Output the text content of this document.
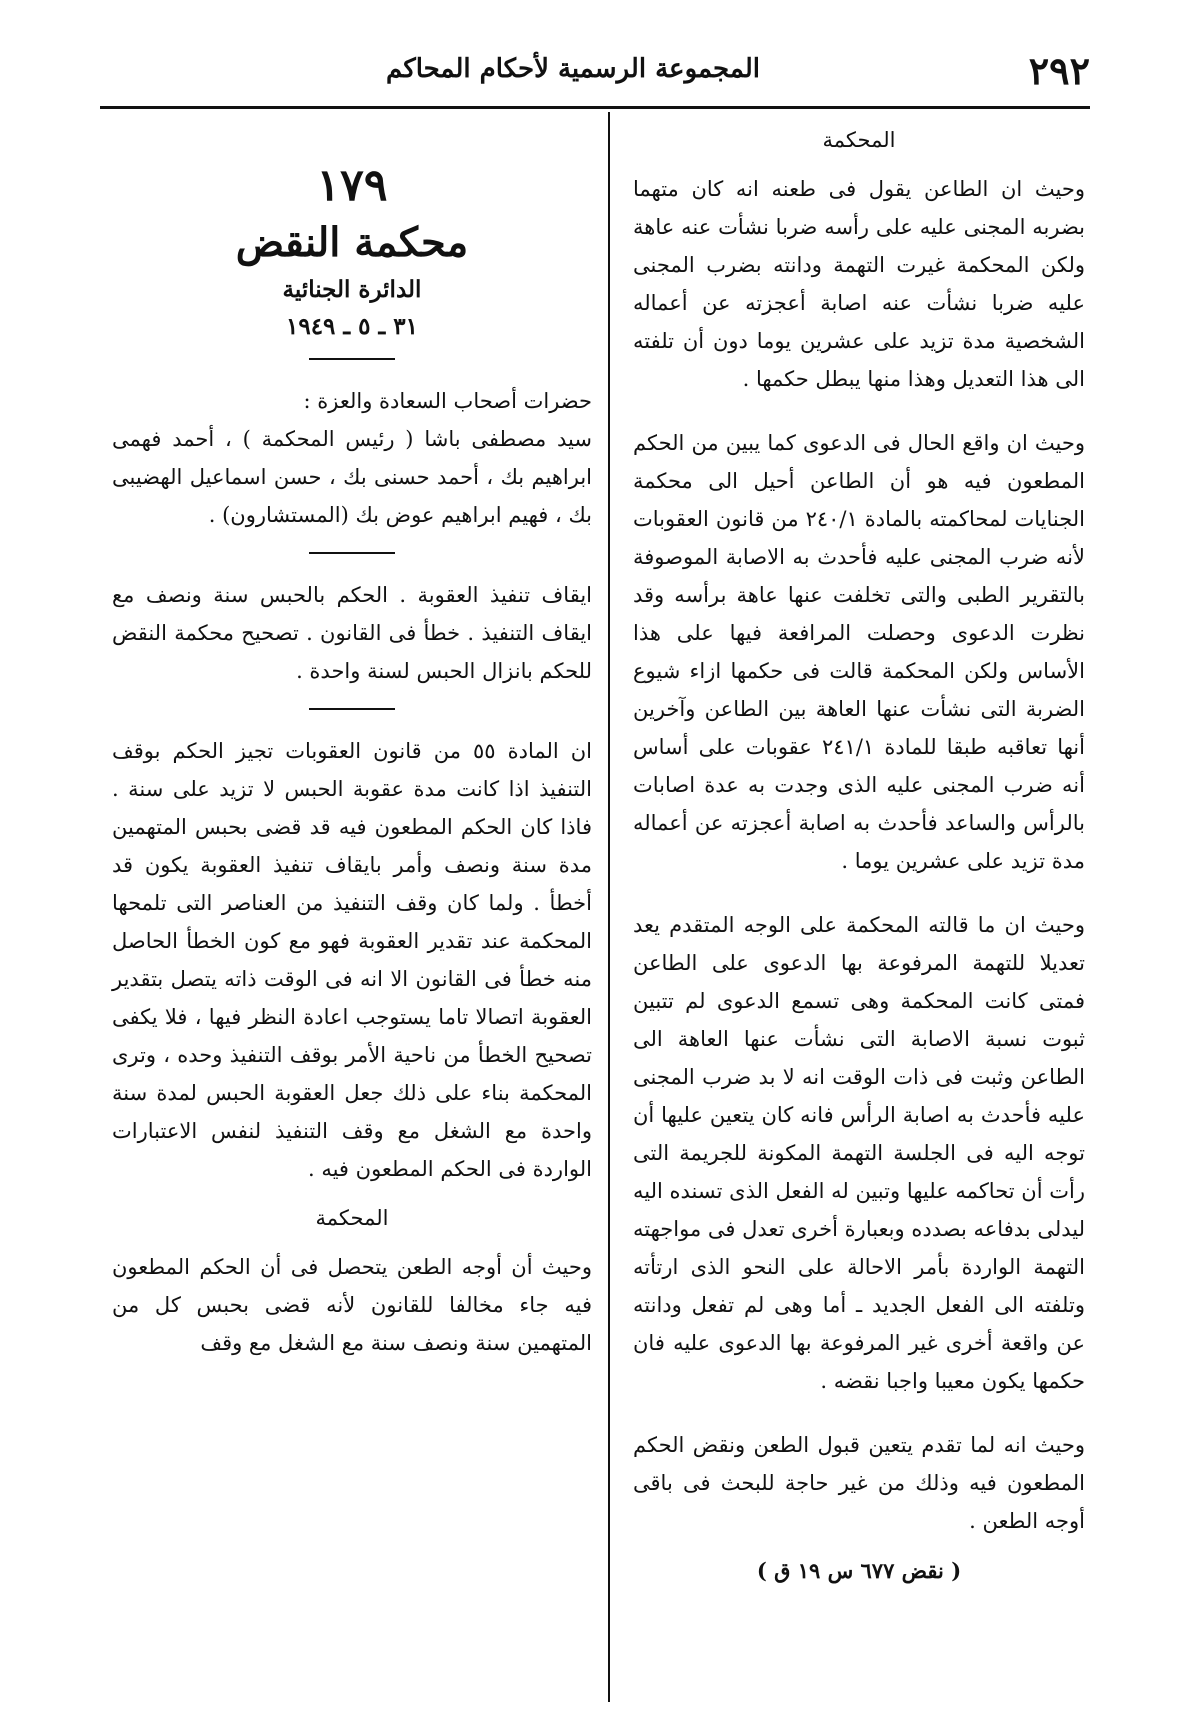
٢٩٢
المجموعة الرسمية لأحكام المحاكم
المحكمة

وحيث ان الطاعن يقول فى طعنه انه كان متهما بضربه المجنى عليه على رأسه ضربا نشأت عنه عاهة ولكن المحكمة غيرت التهمة ودانته بضرب المجنى عليه ضربا نشأت عنه اصابة أعجزته عن أعماله الشخصية مدة تزيد على عشرين يوما دون أن تلفته الى هذا التعديل وهذا منها يبطل حكمها .

وحيث ان واقع الحال فى الدعوى كما يبين من الحكم المطعون فيه هو أن الطاعن أحيل الى محكمة الجنايات لمحاكمته بالمادة ٢٤٠/١ من قانون العقوبات لأنه ضرب المجنى عليه فأحدث به الاصابة الموصوفة بالتقرير الطبى والتى تخلفت عنها عاهة برأسه وقد نظرت الدعوى وحصلت المرافعة فيها على هذا الأساس ولكن المحكمة قالت فى حكمها ازاء شيوع الضربة التى نشأت عنها العاهة بين الطاعن وآخرين أنها تعاقبه طبقا للمادة ٢٤١/١ عقوبات على أساس أنه ضرب المجنى عليه الذى وجدت به عدة اصابات بالرأس والساعد فأحدث به اصابة أعجزته عن أعماله مدة تزيد على عشرين يوما .

وحيث ان ما قالته المحكمة على الوجه المتقدم يعد تعديلا للتهمة المرفوعة بها الدعوى على الطاعن فمتى كانت المحكمة وهى تسمع الدعوى لم تتبين ثبوت نسبة الاصابة التى نشأت عنها العاهة الى الطاعن وثبت فى ذات الوقت انه لا بد ضرب المجنى عليه فأحدث به اصابة الرأس فانه كان يتعين عليها أن توجه اليه فى الجلسة التهمة المكونة للجريمة التى رأت أن تحاكمه عليها وتبين له الفعل الذى تسنده اليه ليدلى بدفاعه بصدده وبعبارة أخرى تعدل فى مواجهته التهمة الواردة بأمر الاحالة على النحو الذى ارتأته وتلفته الى الفعل الجديد ـ أما وهى لم تفعل ودانته عن واقعة أخرى غير المرفوعة بها الدعوى عليه فان حكمها يكون معيبا واجبا نقضه .

وحيث انه لما تقدم يتعين قبول الطعن ونقض الحكم المطعون فيه وذلك من غير حاجة للبحث فى باقى أوجه الطعن .

( نقض ٦٧٧ س ١٩ ق )
١٧٩
محكمة النقض
الدائرة الجنائية
٣١ ـ ٥ ـ ١٩٤٩

حضرات أصحاب السعادة والعزة :

سيد مصطفى باشا ( رئيس المحكمة ) ، أحمد فهمى ابراهيم بك ، أحمد حسنى بك ، حسن اسماعيل الهضيبى بك ، فهيم ابراهيم عوض بك (المستشارون) .

ايقاف تنفيذ العقوبة . الحكم بالحبس سنة ونصف مع ايقاف التنفيذ . خطأ فى القانون . تصحيح محكمة النقض للحكم بانزال الحبس لسنة واحدة .

ان المادة ٥٥ من قانون العقوبات تجيز الحكم بوقف التنفيذ اذا كانت مدة عقوبة الحبس لا تزيد على سنة . فاذا كان الحكم المطعون فيه قد قضى بحبس المتهمين مدة سنة ونصف وأمر بايقاف تنفيذ العقوبة يكون قد أخطأ . ولما كان وقف التنفيذ من العناصر التى تلمحها المحكمة عند تقدير العقوبة فهو مع كون الخطأ الحاصل منه خطأ فى القانون الا انه فى الوقت ذاته يتصل بتقدير العقوبة اتصالا تاما يستوجب اعادة النظر فيها ، فلا يكفى تصحيح الخطأ من ناحية الأمر بوقف التنفيذ وحده ، وترى المحكمة بناء على ذلك جعل العقوبة الحبس لمدة سنة واحدة مع الشغل مع وقف التنفيذ لنفس الاعتبارات الواردة فى الحكم المطعون فيه .

المحكمة

وحيث أن أوجه الطعن يتحصل فى أن الحكم المطعون فيه جاء مخالفا للقانون لأنه قضى بحبس كل من المتهمين سنة ونصف سنة مع الشغل مع وقف
